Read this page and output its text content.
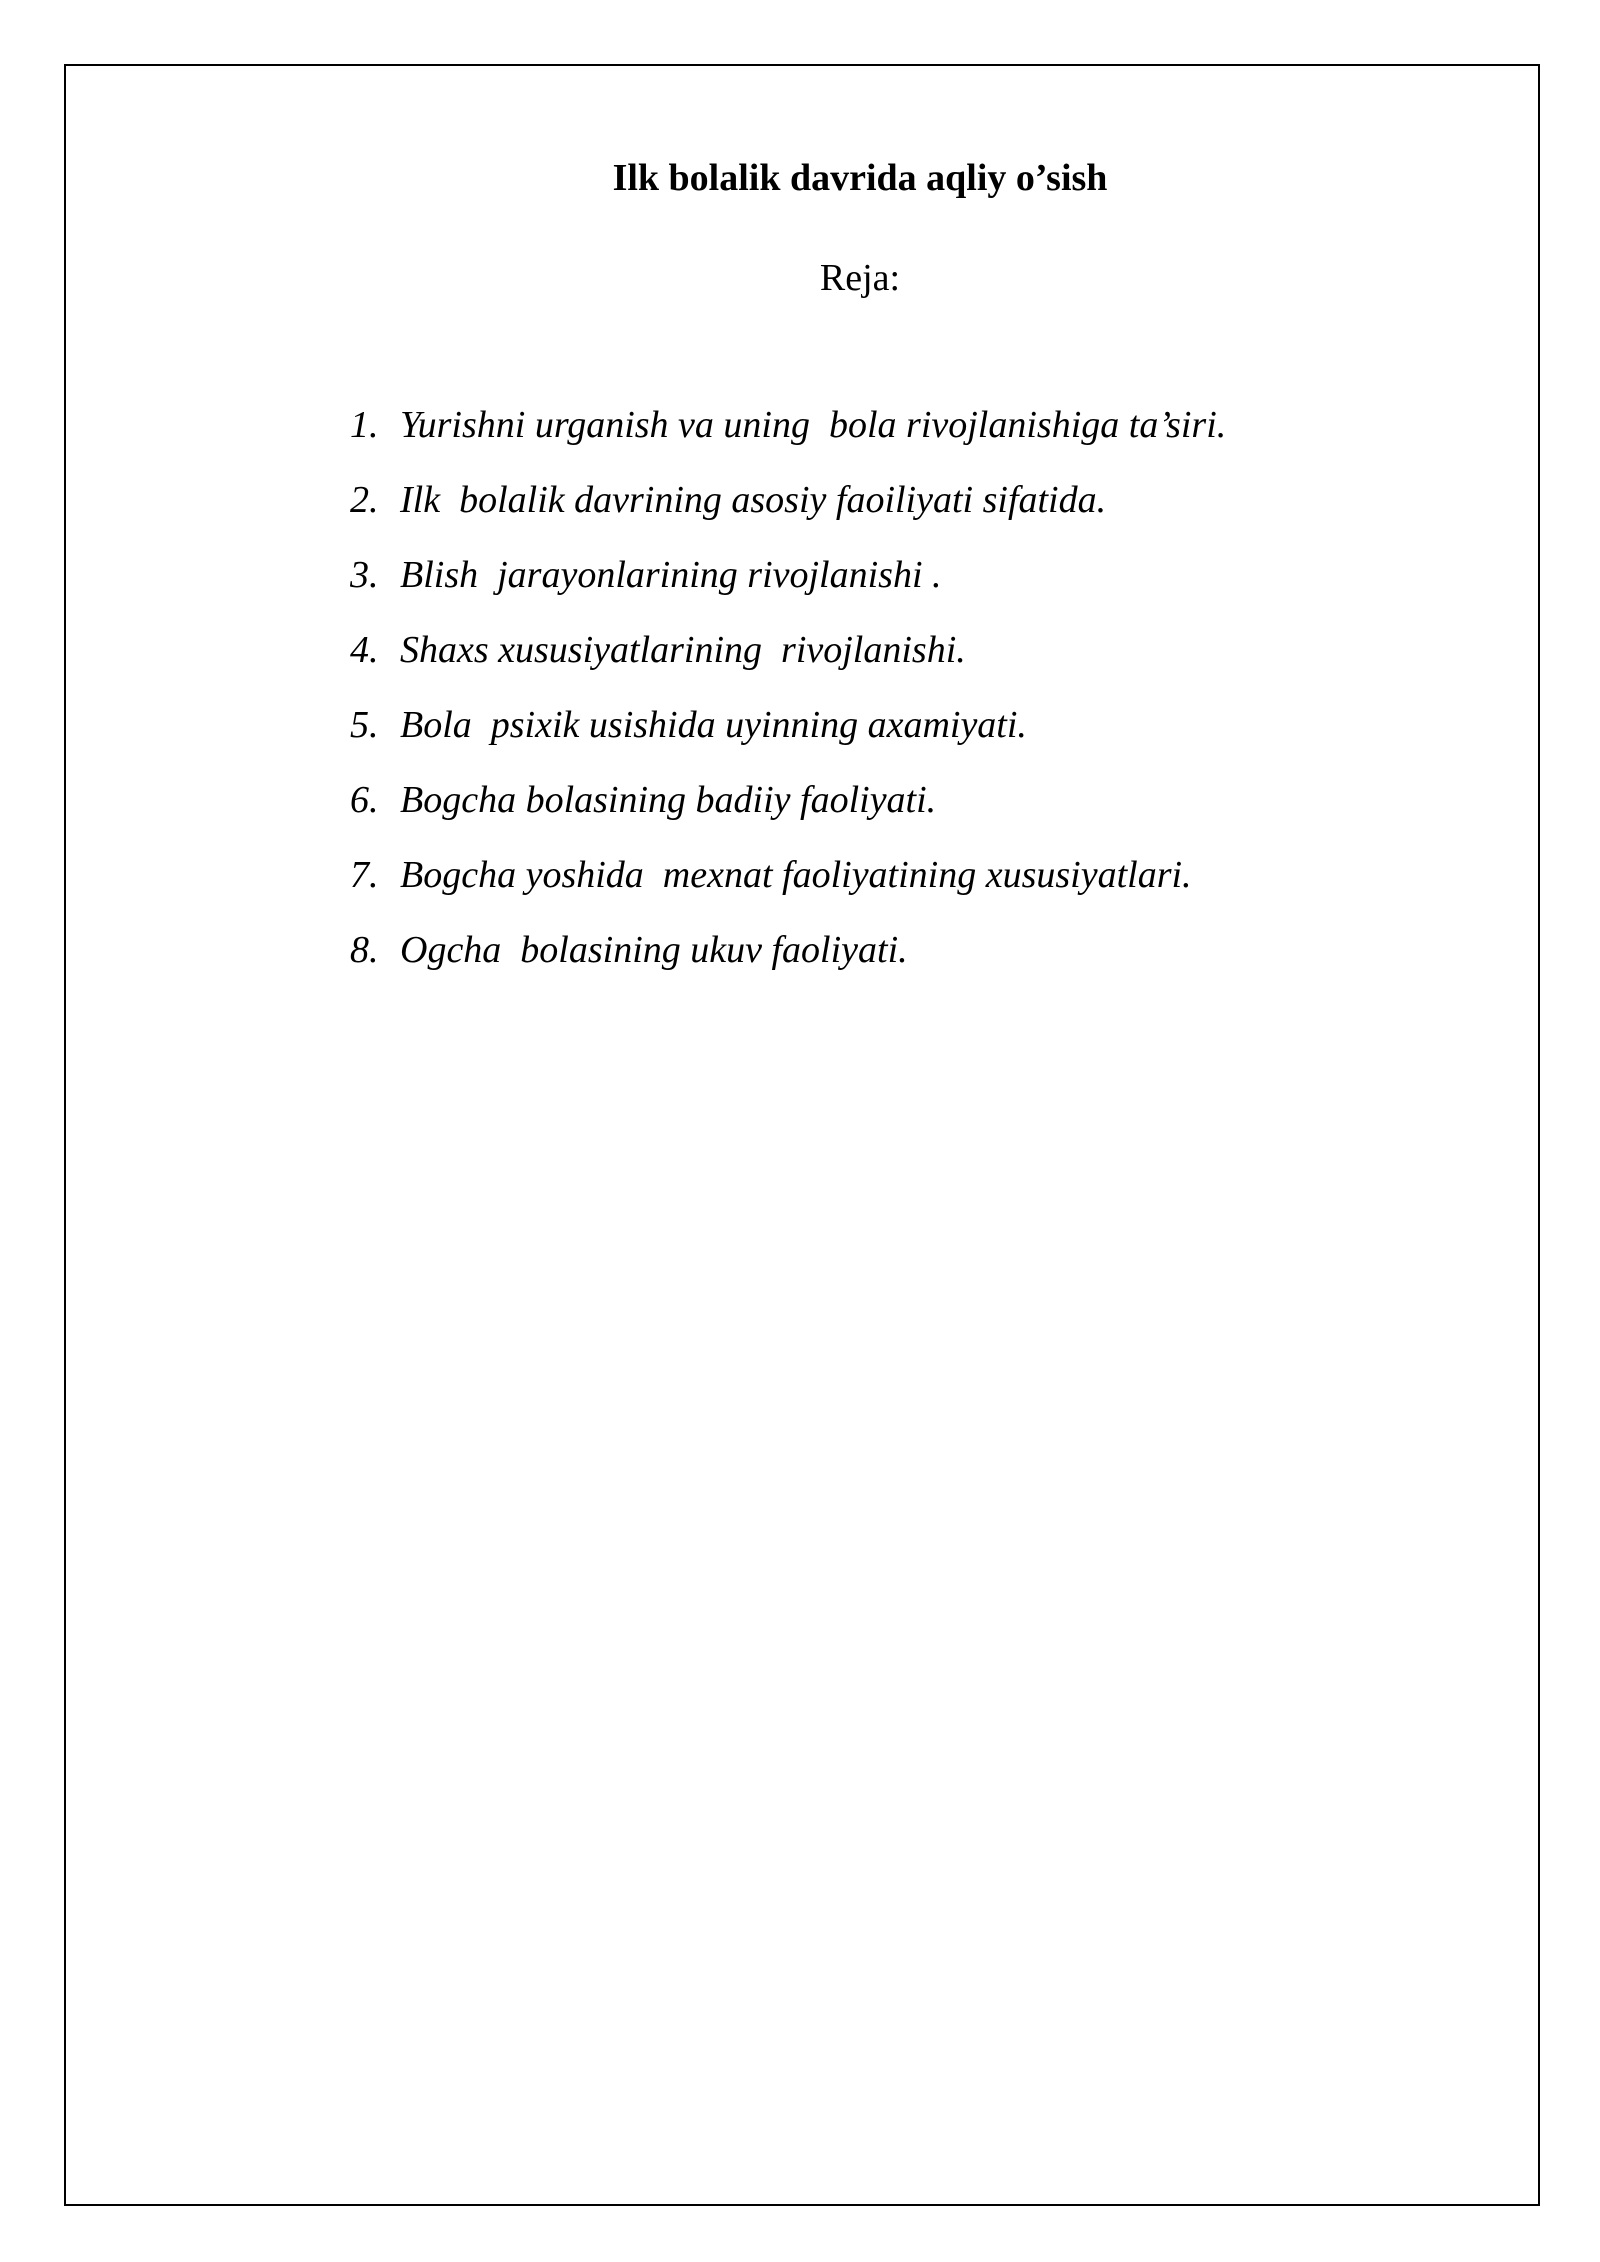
Ilk bolalik davrida aqliy o’sish

Reja:

1. Yurishni urganish va uning  bola rivojlanishiga ta’siri.
2. Ilk  bolalik davrining asosiy faoiliyati sifatida.
3. Blish  jarayonlarining rivojlanishi .
4. Shaxs xususiyatlarining  rivojlanishi.
5. Bola  psixik usishida uyinning axamiyati.
6. Bogcha bolasining badiiy faoliyati.
7. Bogcha yoshida  mexnat faoliyatining xususiyatlari.
8. Ogcha  bolasining ukuv faoliyati.
